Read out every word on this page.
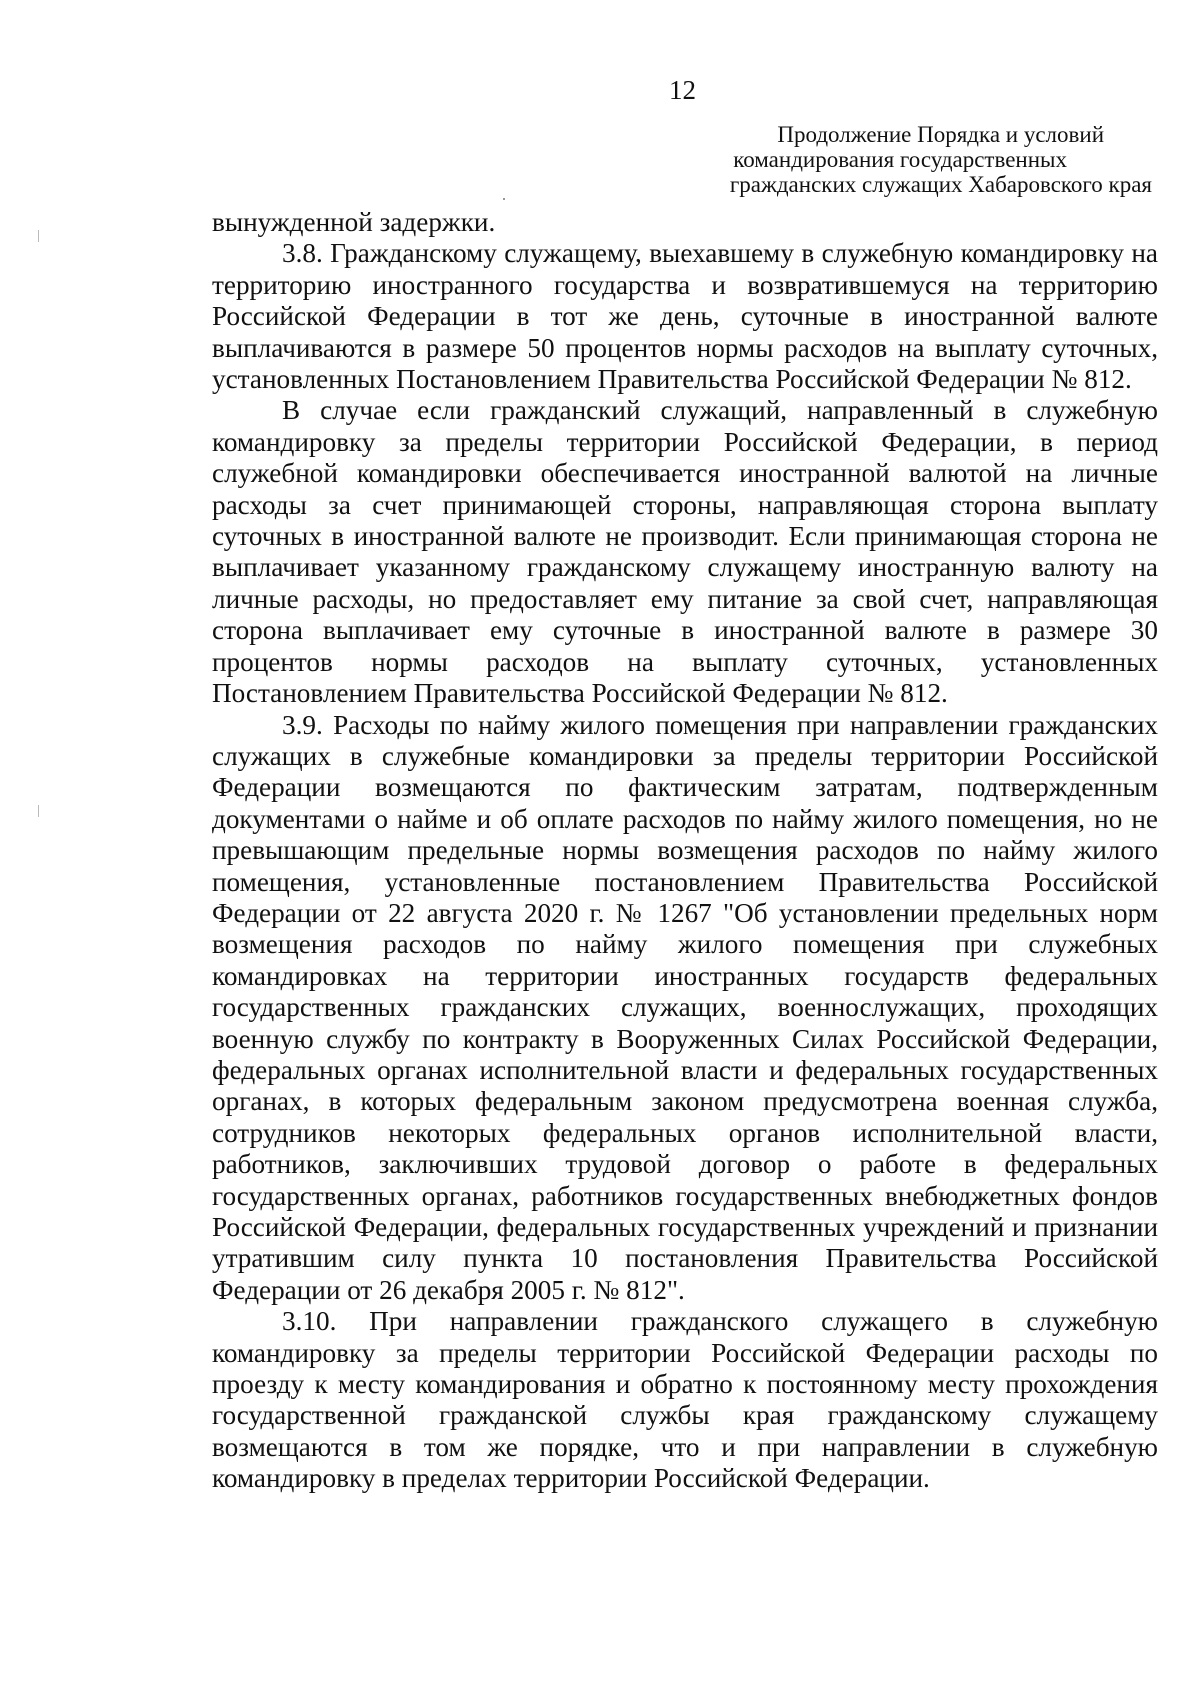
12
Продолжение Порядка и условий
командирования государственных
гражданских служащих Хабаровского края

вынужденной задержки.

3.8. Гражданскому служащему, выехавшему в служебную командировку на территорию иностранного государства и возвратившемуся на территорию Российской Федерации в тот же день, суточные в иностранной валюте выплачиваются в размере 50 процентов нормы расходов на выплату суточных, установленных Постановлением Правительства Российской Федерации № 812.

В случае если гражданский служащий, направленный в служебную командировку за пределы территории Российской Федерации, в период служебной командировки обеспечивается иностранной валютой на личные расходы за счет принимающей стороны, направляющая сторона выплату суточных в иностранной валюте не производит. Если принимающая сторона не выплачивает указанному гражданскому служащему иностранную валюту на личные расходы, но предоставляет ему питание за свой счет, направляющая сторона выплачивает ему суточные в иностранной валюте в размере 30 процентов нормы расходов на выплату суточных, установленных Постановлением Правительства Российской Федерации № 812.

3.9. Расходы по найму жилого помещения при направлении гражданских служащих в служебные командировки за пределы территории Российской Федерации возмещаются по фактическим затратам, подтвержденным документами о найме и об оплате расходов по найму жилого помещения, но не превышающим предельные нормы возмещения расходов по найму жилого помещения, установленные постановлением Правительства Российской Федерации от 22 августа 2020 г. № 1267 "Об установлении предельных норм возмещения расходов по найму жилого помещения при служебных командировках на территории иностранных государств федеральных государственных гражданских служащих, военнослужащих, проходящих военную службу по контракту в Вооруженных Силах Российской Федерации, федеральных органах исполнительной власти и федеральных государственных органах, в которых федеральным законом предусмотрена военная служба, сотрудников некоторых федеральных органов исполнительной власти, работников, заключивших трудовой договор о работе в федеральных государственных органах, работников государственных внебюджетных фондов Российской Федерации, федеральных государственных учреждений и признании утратившим силу пункта 10 постановления Правительства Российской Федерации от 26 декабря 2005 г. № 812".

3.10. При направлении гражданского служащего в служебную командировку за пределы территории Российской Федерации расходы по проезду к месту командирования и обратно к постоянному месту прохождения государственной гражданской службы края гражданскому служащему возмещаются в том же порядке, что и при направлении в служебную командировку в пределах территории Российской Федерации.
